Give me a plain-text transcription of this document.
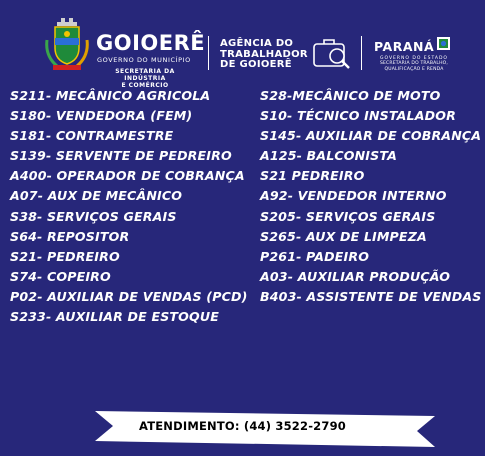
GOIOERÊ
GOVERNO DO MUNICÍPIO
SECRETARIA DA INDÚSTRIA
E COMÉRCIO
AGÊNCIA DO
TRABALHADOR
DE GOIOERÊ
PARANÁ
GOVERNO DO ESTADO
SECRETARIA DO TRABALHO,
QUALIFICAÇÃO E RENDA
S211- MECÂNICO AGRICOLA
S180- VENDEDORA (FEM)
S181- CONTRAMESTRE
S139- SERVENTE DE PEDREIRO
A400- OPERADOR DE COBRANÇA
A07- AUX DE MECÂNICO
S38- SERVIÇOS GERAIS
S64- REPOSITOR
S21- PEDREIRO
S74- COPEIRO
P02- AUXILIAR DE VENDAS (PCD)
S233- AUXILIAR DE ESTOQUE
S28-MECÂNICO DE MOTO
S10- TÉCNICO INSTALADOR
S145- AUXILIAR DE COBRANÇA
A125- BALCONISTA
S21 PEDREIRO
A92- VENDEDOR INTERNO
S205- SERVIÇOS GERAIS
S265- AUX DE LIMPEZA
P261- PADEIRO
A03- AUXILIAR PRODUÇÃO
B403- ASSISTENTE DE VENDAS
ATENDIMENTO: (44) 3522-2790
